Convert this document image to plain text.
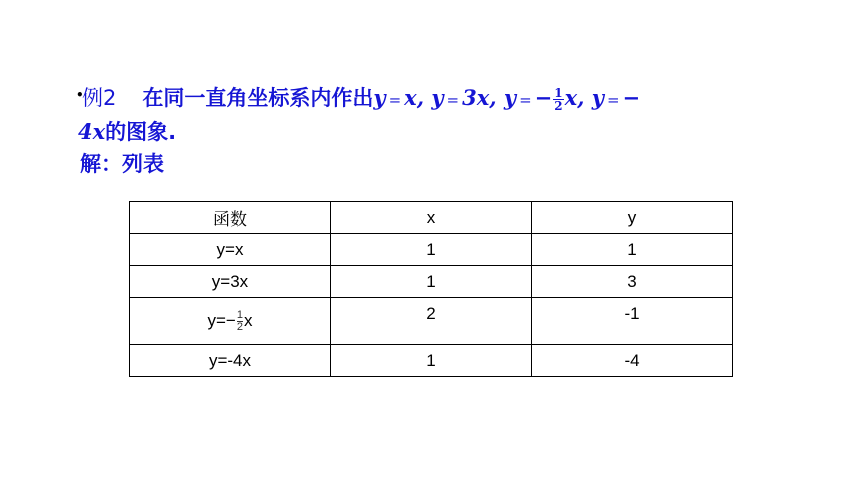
•
例2 在同一直角坐标系内作出y = x, y = 3x, y = − $\frac{1}{2} x$, y = −
4x的图象.
解：列表
函数	x	y
y=x	1	1
y=3x	1	3
$y=- \frac{1}{2}$ x	2	-1
y=-4x	1	-4
